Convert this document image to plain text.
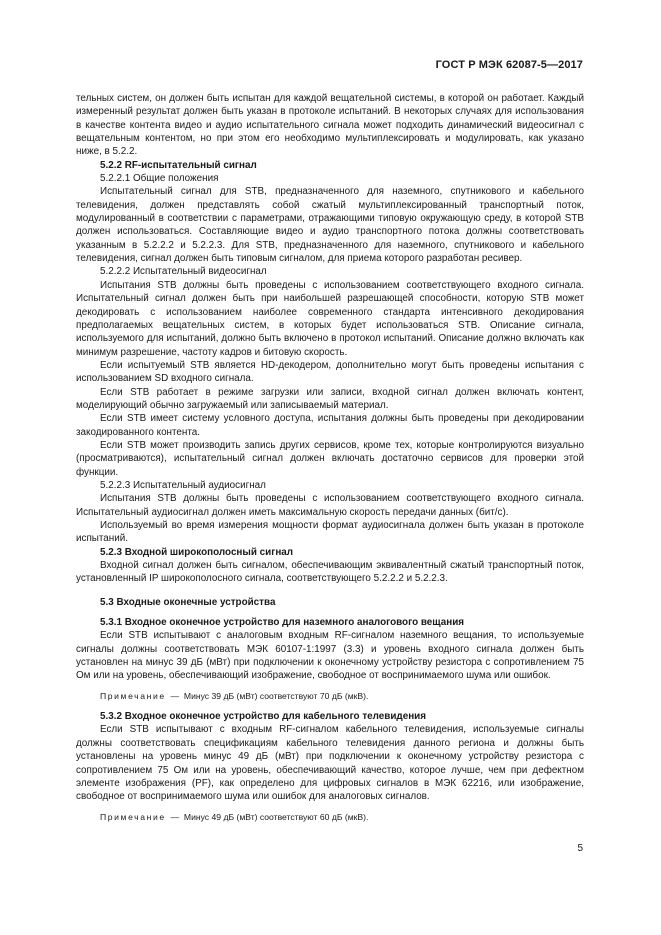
ГОСТ Р МЭК 62087-5—2017

тельных систем, он должен быть испытан для каждой вещательной системы, в которой он работает. Каждый измеренный результат должен быть указан в протоколе испытаний. В некоторых случаях для использования в качестве контента видео и аудио испытательного сигнала может подходить динамический видеосигнал с вещательным контентом, но при этом его необходимо мультиплексировать и модулировать, как указано ниже, в 5.2.2.

5.2.2 RF-испытательный сигнал

5.2.2.1 Общие положения

Испытательный сигнал для STB, предназначенного для наземного, спутникового и кабельного телевидения, должен представлять собой сжатый мультиплексированный транспортный поток, модулированный в соответствии с параметрами, отражающими типовую окружающую среду, в которой STB должен использоваться. Составляющие видео и аудио транспортного потока должны соответствовать указанным в 5.2.2.2 и 5.2.2.3. Для STB, предназначенного для наземного, спутникового и кабельного телевидения, сигнал должен быть типовым сигналом, для приема которого разработан ресивер.

5.2.2.2 Испытательный видеосигнал

Испытания STB должны быть проведены с использованием соответствующего входного сигнала. Испытательный сигнал должен быть при наибольшей разрешающей способности, которую STB может декодировать с использованием наиболее современного стандарта интенсивного декодирования предполагаемых вещательных систем, в которых будет использоваться STB. Описание сигнала, используемого для испытаний, должно быть включено в протокол испытаний. Описание должно включать как минимум разрешение, частоту кадров и битовую скорость.

Если испытуемый STB является HD-декодером, дополнительно могут быть проведены испытания с использованием SD входного сигнала.

Если STB работает в режиме загрузки или записи, входной сигнал должен включать контент, моделирующий обычно загружаемый или записываемый материал.

Если STB имеет систему условного доступа, испытания должны быть проведены при декодировании закодированного контента.

Если STB может производить запись других сервисов, кроме тех, которые контролируются визуально (просматриваются), испытательный сигнал должен включать достаточно сервисов для проверки этой функции.

5.2.2.3 Испытательный аудиосигнал

Испытания STB должны быть проведены с использованием соответствующего входного сигнала. Испытательный аудиосигнал должен иметь максимальную скорость передачи данных (бит/с).

Используемый во время измерения мощности формат аудиосигнала должен быть указан в протоколе испытаний.

5.2.3 Входной широкополосный сигнал

Входной сигнал должен быть сигналом, обеспечивающим эквивалентный сжатый транспортный поток, установленный IP широкополосного сигнала, соответствующего 5.2.2.2 и 5.2.2.3.

5.3 Входные оконечные устройства

5.3.1 Входное оконечное устройство для наземного аналогового вещания

Если STB испытывают с аналоговым входным RF-сигналом наземного вещания, то используемые сигналы должны соответствовать МЭК 60107-1:1997 (3.3) и уровень входного сигнала должен быть установлен на минус 39 дБ (мВт) при подключении к оконечному устройству резистора с сопротивлением 75 Ом или на уровень, обеспечивающий изображение, свободное от воспринимаемого шума или ошибок.

Примечание — Минус 39 дБ (мВт) соответствуют 70 дБ (мкВ).

5.3.2 Входное оконечное устройство для кабельного телевидения

Если STB испытывают с входным RF-сигналом кабельного телевидения, используемые сигналы должны соответствовать спецификациям кабельного телевидения данного региона и должны быть установлены на уровень минус 49 дБ (мВт) при подключении к оконечному устройству резистора с сопротивлением 75 Ом или на уровень, обеспечивающий качество, которое лучше, чем при дефектном элементе изображения (PF), как определено для цифровых сигналов в МЭК 62216, или изображение, свободное от воспринимаемого шума или ошибок для аналоговых сигналов.

Примечание — Минус 49 дБ (мВт) соответствуют 60 дБ (мкВ).

5
